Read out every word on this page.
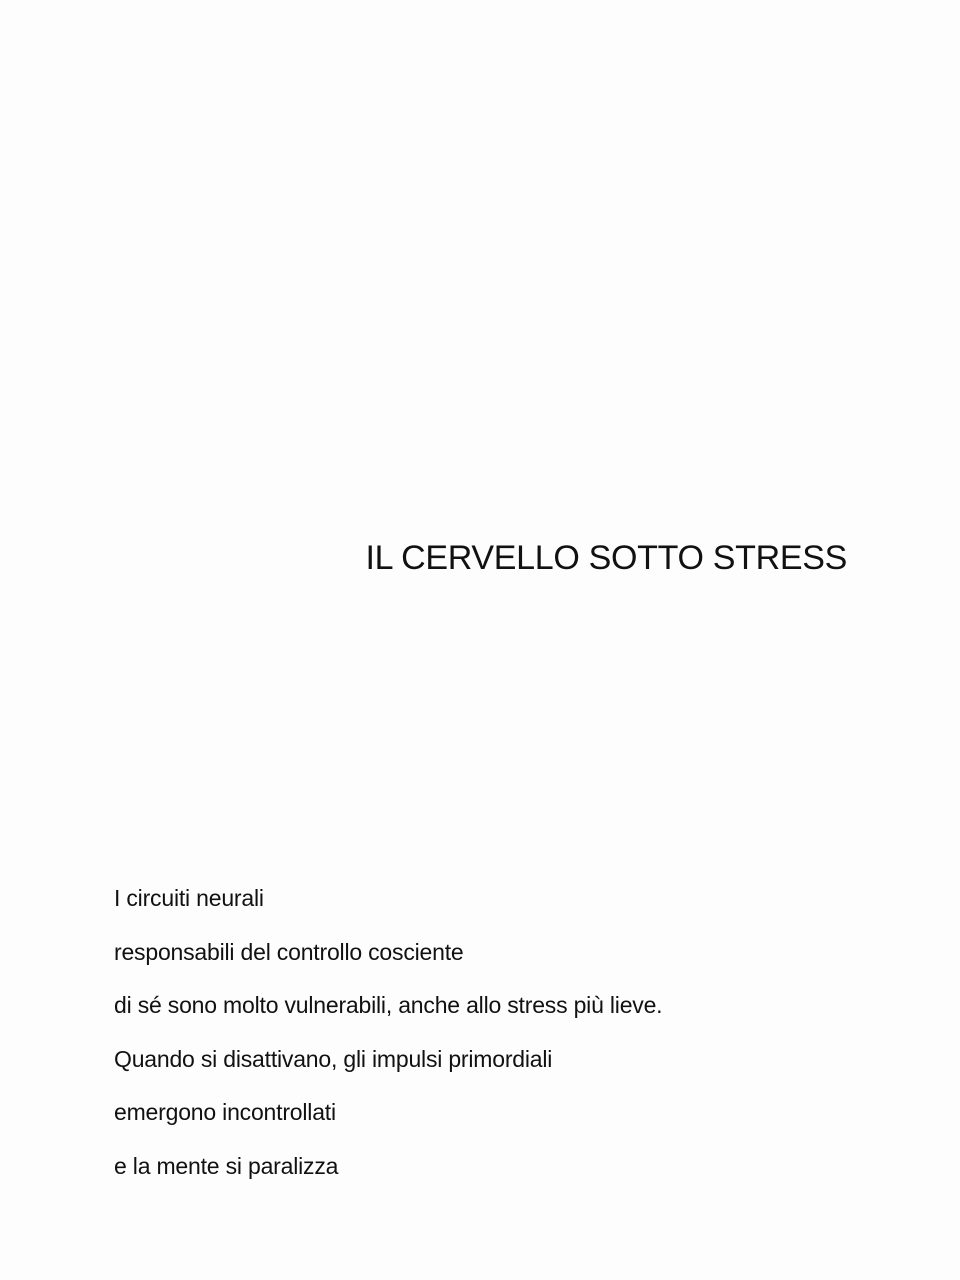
IL CERVELLO SOTTO STRESS
I circuiti neurali
responsabili del controllo cosciente
di sé sono molto vulnerabili, anche allo stress più lieve.
Quando si disattivano, gli impulsi primordiali
emergono incontrollati
e la mente si paralizza
